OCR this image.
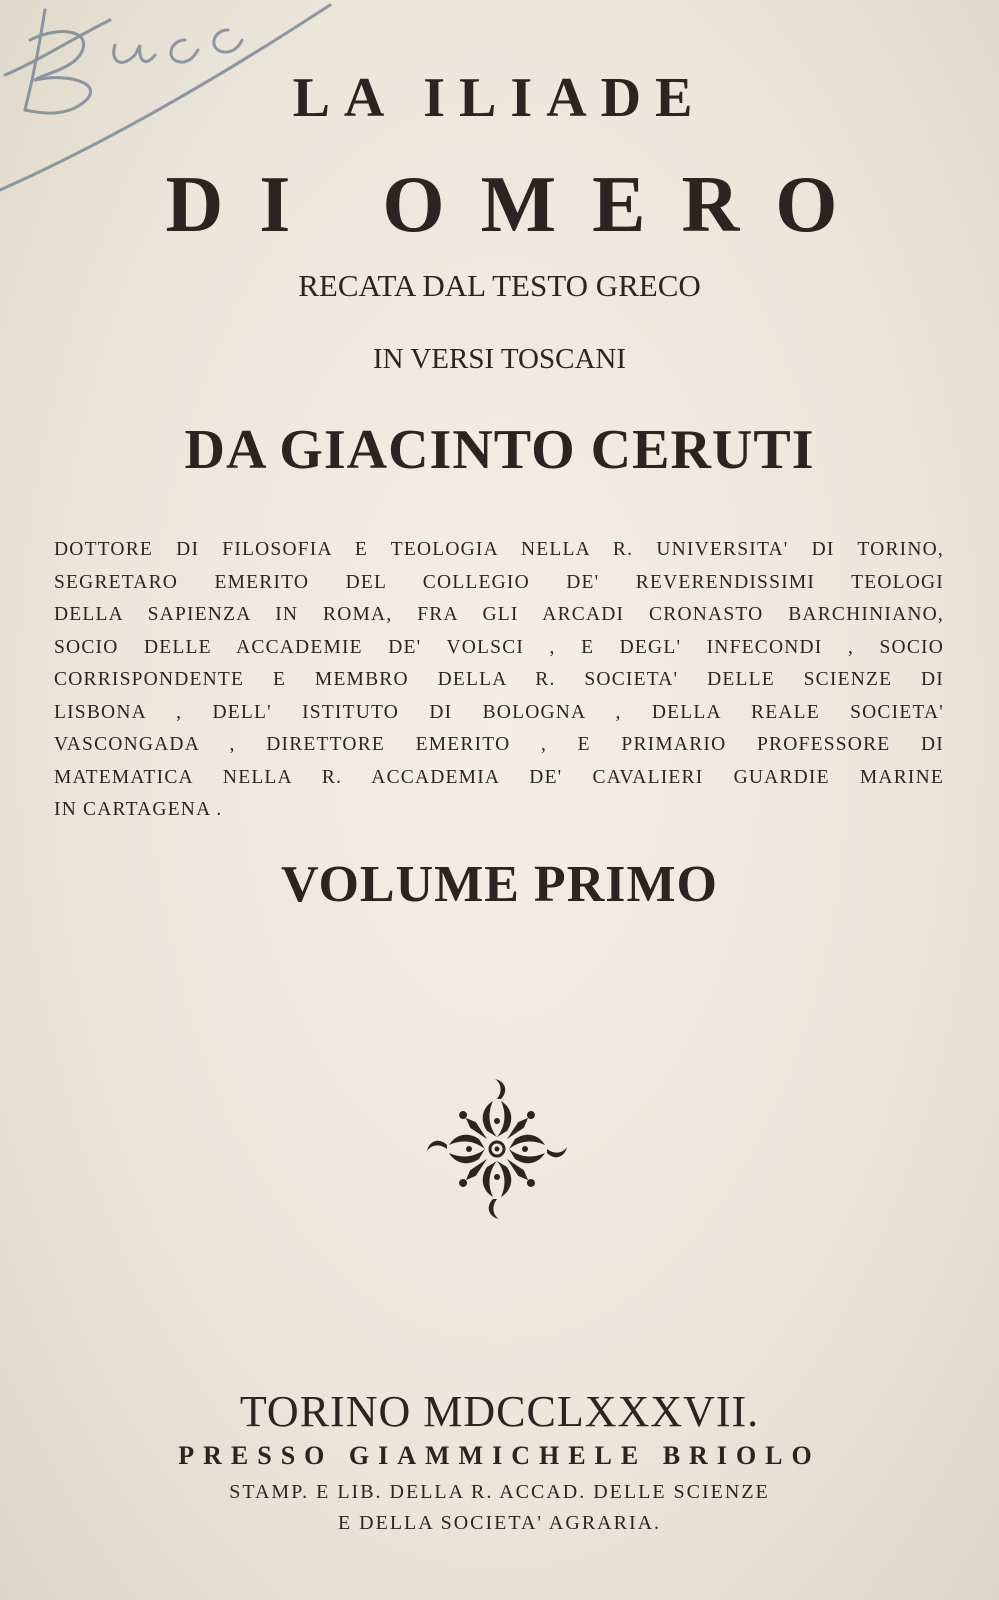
LA ILIADE
DI OMERO
RECATA DAL TESTO GRECO
IN VERSI TOSCANI
DA GIACINTO CERUTI
DOTTORE DI FILOSOFIA E TEOLOGIA NELLA R. UNIVERSITA' DI TORINO,
SEGRETARO EMERITO DEL COLLEGIO DE' REVERENDISSIMI TEOLOGI
DELLA SAPIENZA IN ROMA, FRA GLI ARCADI CRONASTO BARCHINIANO,
SOCIO DELLE ACCADEMIE DE' VOLSCI , E DEGL' INFECONDI , SOCIO
CORRISPONDENTE E MEMBRO DELLA R. SOCIETA' DELLE SCIENZE DI
LISBONA , DELL' ISTITUTO DI BOLOGNA , DELLA REALE SOCIETA'
VASCONGADA , DIRETTORE EMERITO , E PRIMARIO PROFESSORE DI
MATEMATICA NELLA R. ACCADEMIA DE' CAVALIERI GUARDIE MARINE
IN CARTAGENA .
VOLUME PRIMO
TORINO MDCCLXXXVII.
PRESSO GIAMMICHELE BRIOLO
STAMP. E LIB. DELLA R. ACCAD. DELLE SCIENZE
E DELLA SOCIETA' AGRARIA.
